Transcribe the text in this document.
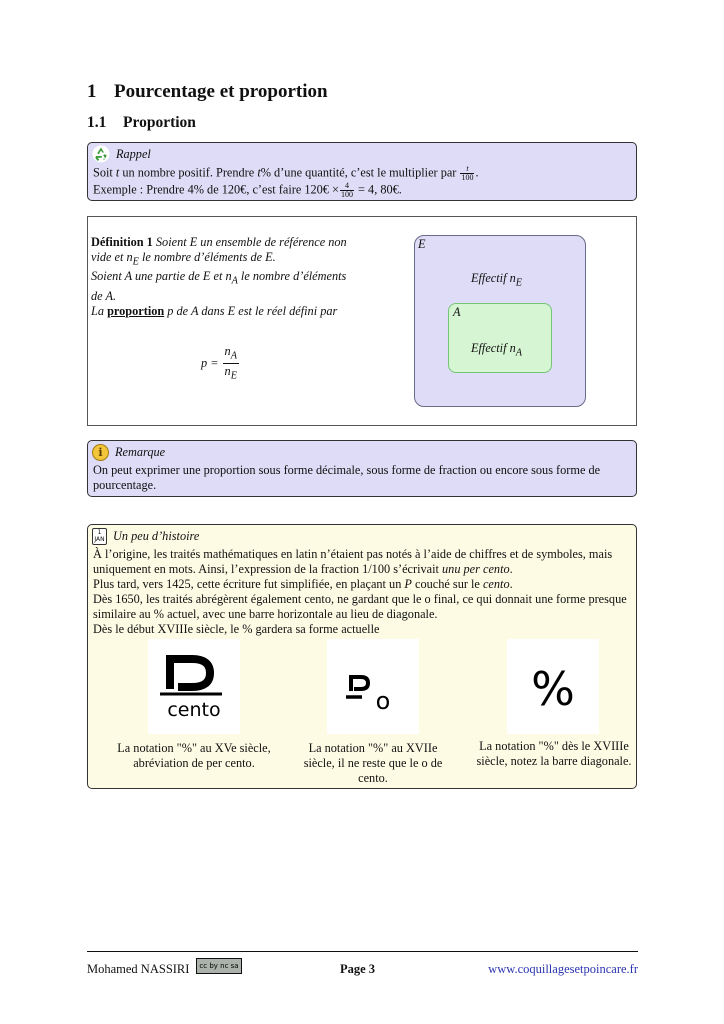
1 Pourcentage et proportion
1.1 Proportion
Rappel
Soit t un nombre positif. Prendre t% d’une quantité, c’est le multiplier par $\frac{t}{100}$ .
Exemple : Prendre 4% de 120€, c’est faire 120€ × $\frac{4}{100} = 4$, 80€.
Définition 1 Soient E un ensemble de référence non vide et $n_E$ le nombre d’éléments de E.
Soient A une partie de E et $n_A$ le nombre d’éléments de A.
La proportion p de A dans E est le réel défini par
$p = \frac{n_A}{n_E}$
E
Effectif $n_E$
A
Effectif $n_A$
i	Remarque
On peut exprimer une proportion sous forme décimale, sous forme de fraction ou encore sous forme de pourcentage.
1
JAN Un peu d’histoire
À l’origine, les traités mathématiques en latin n’étaient pas notés à l’aide de chiffres et de symboles, mais uniquement en mots. Ainsi, l’expression de la fraction 1/100 s’écrivait unu per cento.
Plus tard, vers 1425, cette écriture fut simplifiée, en plaçant un P couché sur le cento.
Dès 1650, les traités abrégèrent également cento, ne gardant que le o final, ce qui donnait une forme presque similaire au % actuel, avec une barre horizontale au lieu de diagonale.
Dès le début XVIIIe siècle, le % gardera sa forme actuelle
cento	o	%
La notation "%" au XVe siècle, abréviation de per cento.
La notation "%" au XVIIe siècle, il ne reste que le o de cento.
La notation "%" dès le XVIIIe siècle, notez la barre diagonale.
Mohamed NASSIRI	cc by nc sa	Page 3	www.coquillagesetpoincare.fr
